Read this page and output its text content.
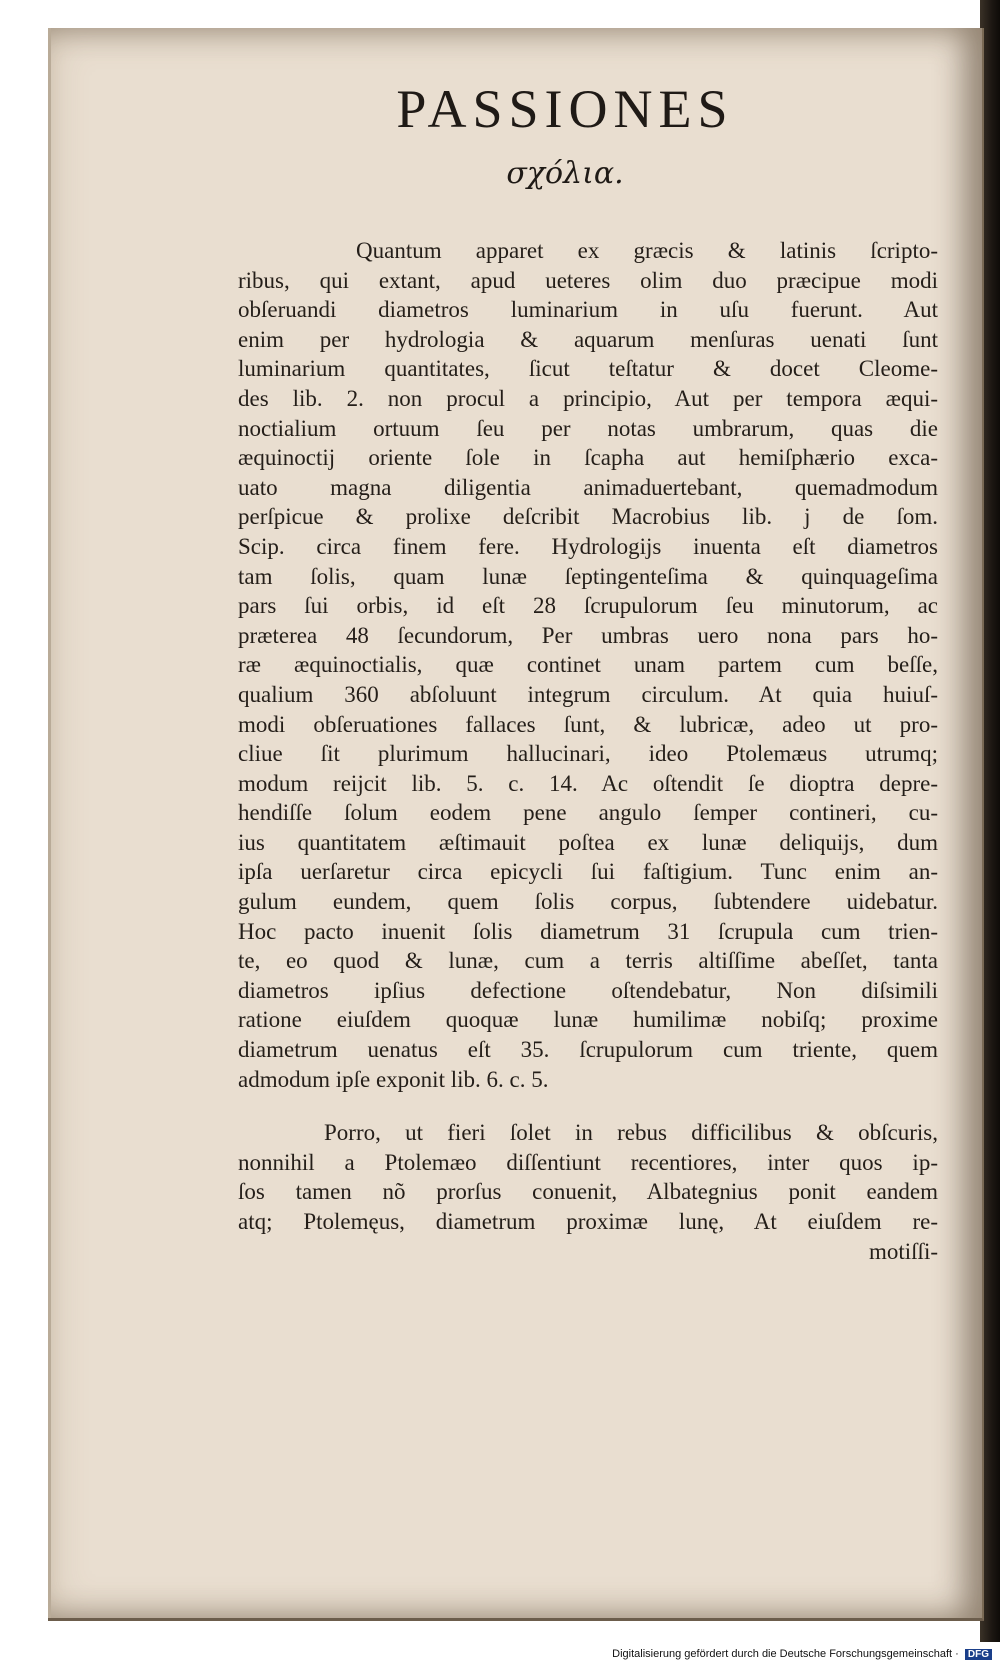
PASSIONES
σχόλια.
Quantum apparet ex græcis & latinis ſcripto-
ribus, qui extant, apud ueteres olim duo præcipue modi
obſeruandi diametros luminarium in uſu fuerunt. Aut
enim per hydrologia & aquarum menſuras uenati ſunt
luminarium quantitates, ſicut teſtatur & docet Cleome-
des lib. 2. non procul a principio, Aut per tempora æqui-
noctialium ortuum ſeu per notas umbrarum, quas die
æquinoctij oriente ſole in ſcapha aut hemiſphærio exca-
uato magna diligentia animaduertebant, quemadmodum
perſpicue & prolixe deſcribit Macrobius lib. j de ſom.
Scip. circa finem fere. Hydrologijs inuenta eſt diametros
tam ſolis, quam lunæ ſeptingenteſima & quinquageſima
pars ſui orbis, id eſt 28 ſcrupulorum ſeu minutorum, ac
præterea 48 ſecundorum, Per umbras uero nona pars ho-
ræ æquinoctialis, quæ continet unam partem cum beſſe,
qualium 360 abſoluunt integrum circulum. At quia huiuſ-
modi obſeruationes fallaces ſunt, & lubricæ, adeo ut pro-
cliue ſit plurimum hallucinari, ideo Ptolemæus utrumq;
modum reijcit lib. 5. c. 14. Ac oſtendit ſe dioptra depre-
hendiſſe ſolum eodem pene angulo ſemper contineri, cu-
ius quantitatem æſtimauit poſtea ex lunæ deliquijs, dum
ipſa uerſaretur circa epicycli ſui faſtigium. Tunc enim an-
gulum eundem, quem ſolis corpus, ſubtendere uidebatur.
Hoc pacto inuenit ſolis diametrum 31 ſcrupula cum trien-
te, eo quod & lunæ, cum a terris altiſſime abeſſet, tanta
diametros ipſius defectione oſtendebatur, Non diſsimili
ratione eiuſdem quoquæ lunæ humilimæ nobiſq; proxime
diametrum uenatus eſt 35. ſcrupulorum cum triente, quem
admodum ipſe exponit lib. 6. c. 5.
Porro, ut fieri ſolet in rebus difficilibus & obſcuris,
nonnihil a Ptolemæo diſſentiunt recentiores, inter quos ip-
ſos tamen nõ prorſus conuenit, Albategnius ponit eandem
atq; Ptolemęus, diametrum proximæ lunę, At eiuſdem re-
motiſſi-
Digitalisierung gefördert durch die Deutsche Forschungsgemeinschaft · DFG
